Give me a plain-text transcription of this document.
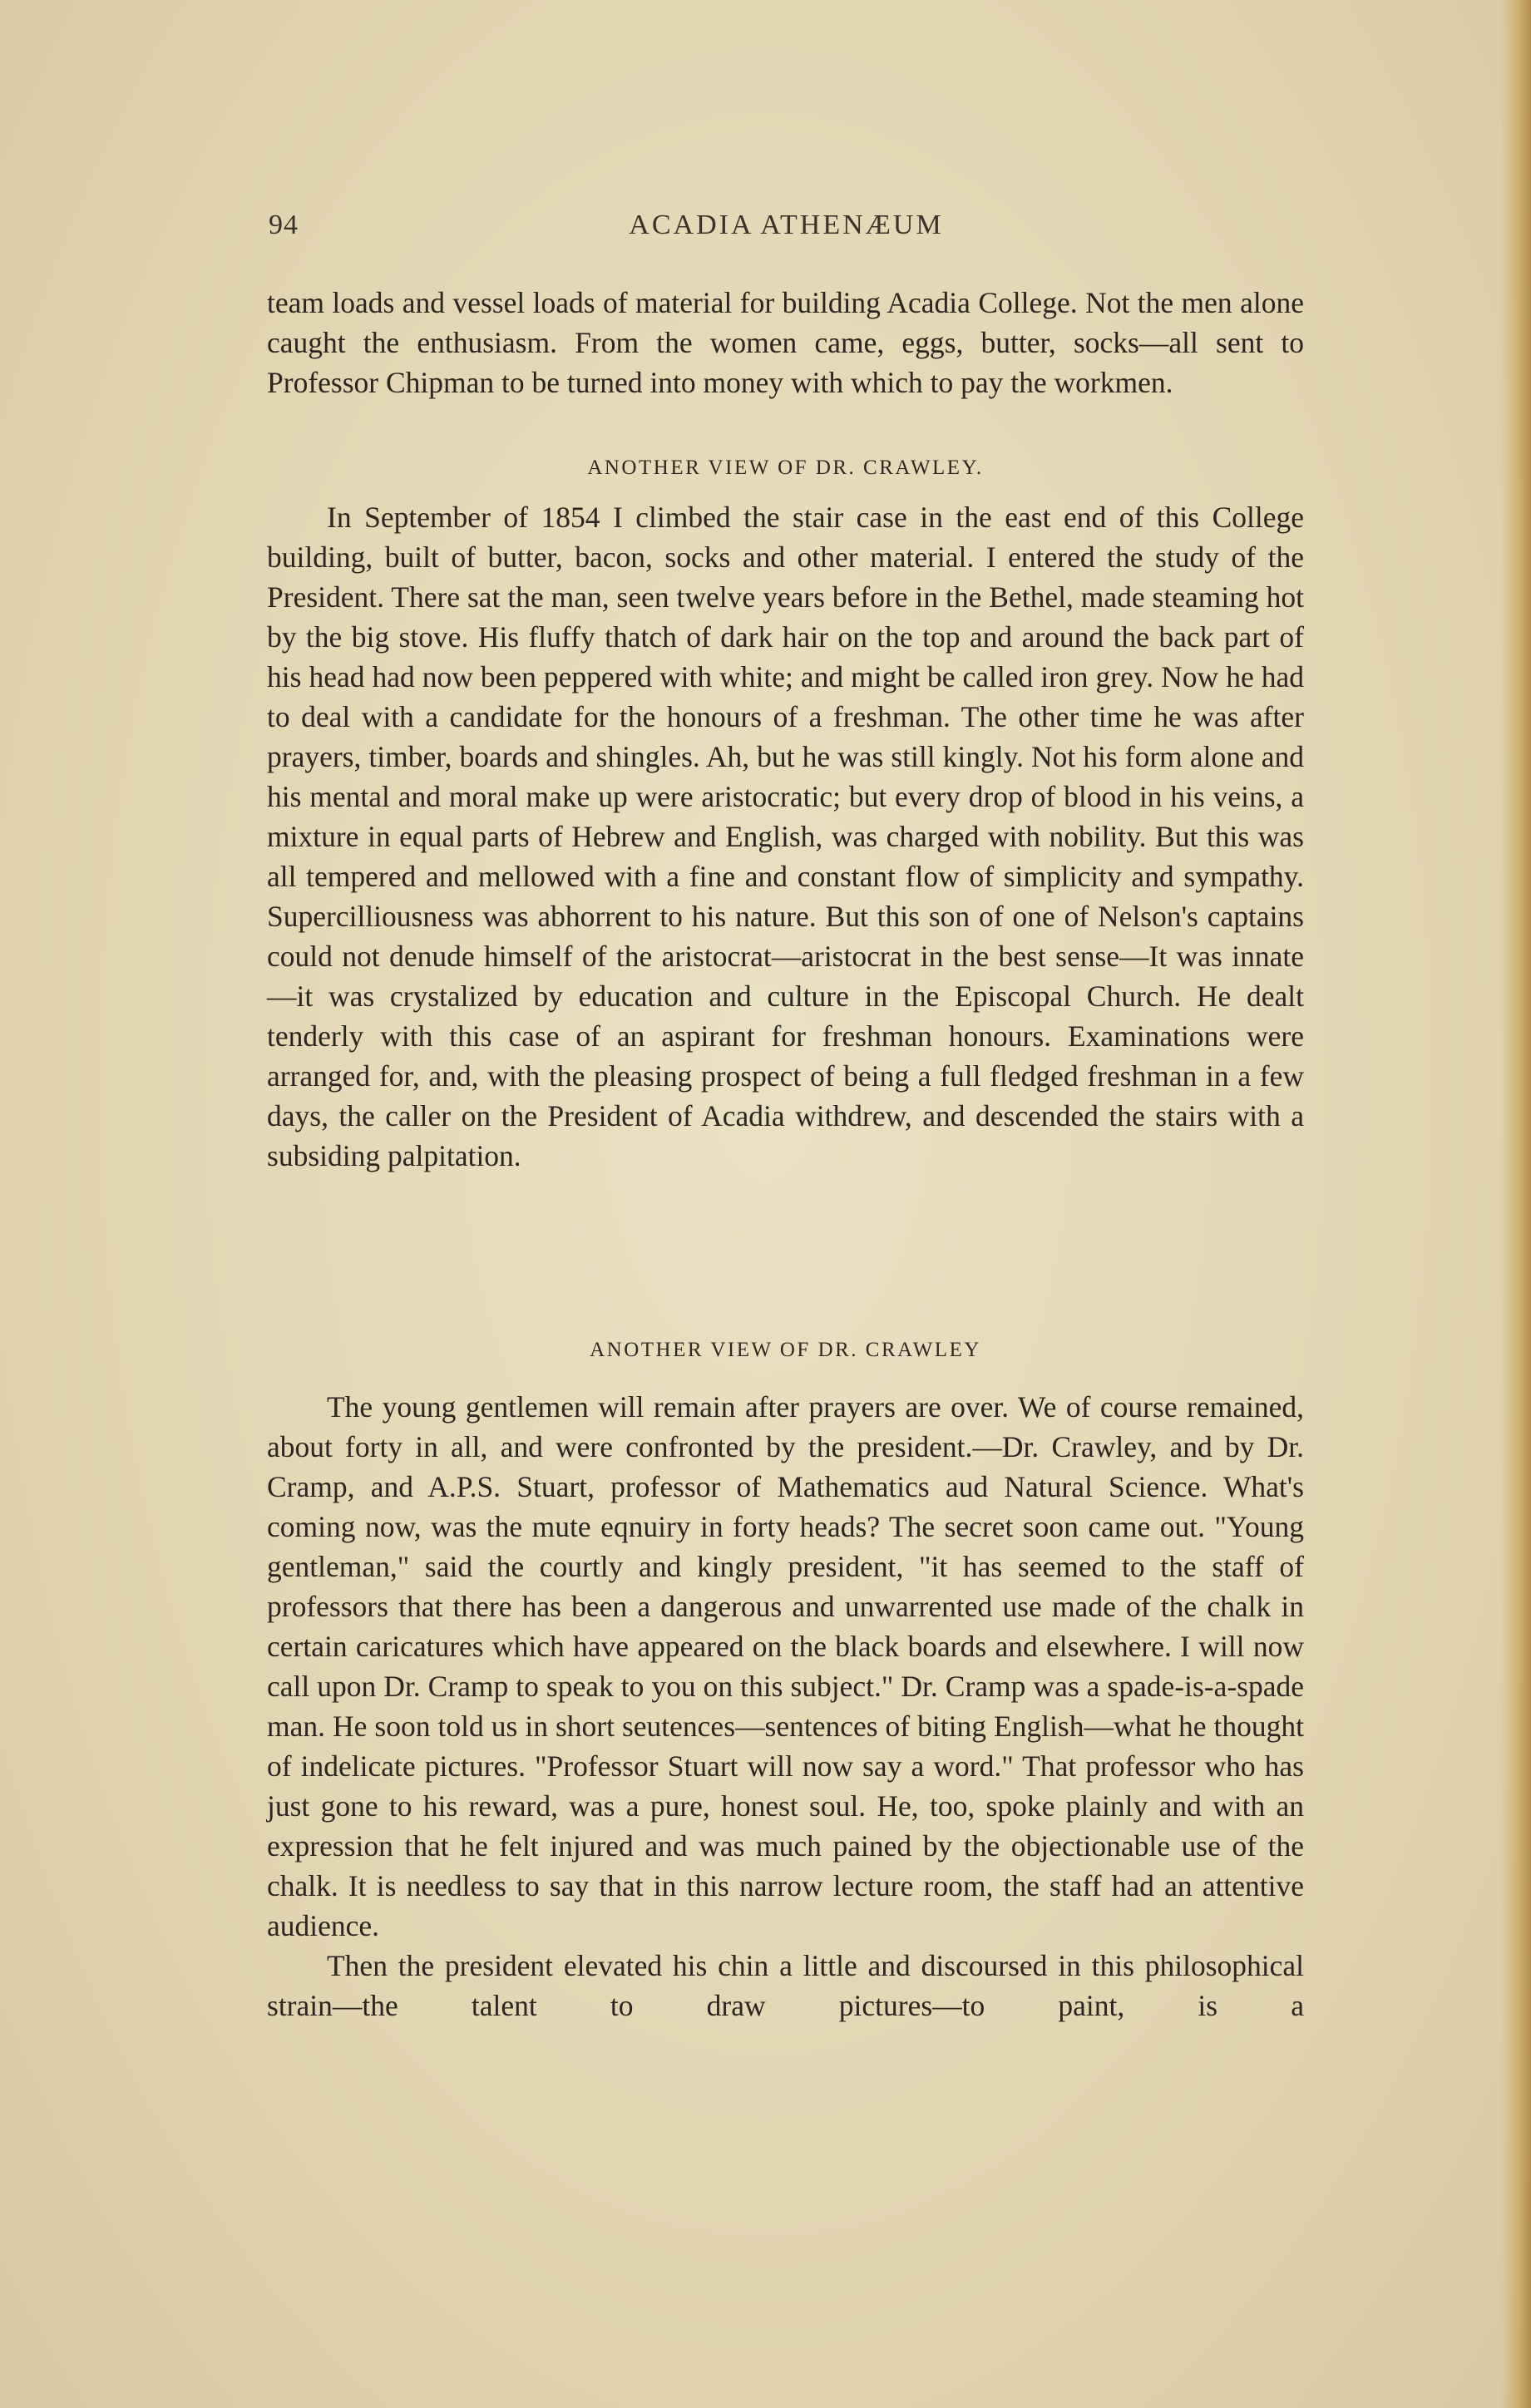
94	ACADIA ATHENÆUM

team loads and vessel loads of material for building Acadia College. Not the men alone caught the enthusiasm. From the women came, eggs, butter, socks—all sent to Professor Chipman to be turned into money with which to pay the workmen.

ANOTHER VIEW OF DR. CRAWLEY.

In September of 1854 I climbed the stair case in the east end of this College building, built of butter, bacon, socks and other material. I entered the study of the President. There sat the man, seen twelve years before in the Bethel, made steaming hot by the big stove. His fluffy thatch of dark hair on the top and around the back part of his head had now been peppered with white; and might be called iron grey. Now he had to deal with a candidate for the honours of a freshman. The other time he was after prayers, timber, boards and shingles. Ah, but he was still kingly. Not his form alone and his mental and moral make up were aristocratic; but every drop of blood in his veins, a mixture in equal parts of Hebrew and English, was charged with nobility. But this was all tempered and mellowed with a fine and constant flow of simplicity and sympathy. Supercilliousness was abhorrent to his nature. But this son of one of Nelson's captains could not denude himself of the aristocrat—aristocrat in the best sense—It was innate—it was crystalized by education and culture in the Episcopal Church. He dealt tenderly with this case of an aspirant for freshman honours. Examinations were arranged for, and, with the pleasing prospect of being a full fledged freshman in a few days, the caller on the President of Acadia withdrew, and descended the stairs with a subsiding palpitation.

ANOTHER VIEW OF DR. CRAWLEY

The young gentlemen will remain after prayers are over. We of course remained, about forty in all, and were confronted by the president.—Dr. Crawley, and by Dr. Cramp, and A.P.S. Stuart, professor of Mathematics aud Natural Science. What's coming now, was the mute eqnuiry in forty heads? The secret soon came out. "Young gentleman," said the courtly and kingly president, "it has seemed to the staff of professors that there has been a dangerous and unwarrented use made of the chalk in certain caricatures which have appeared on the black boards and elsewhere. I will now call upon Dr. Cramp to speak to you on this subject." Dr. Cramp was a spade-is-a-spade man. He soon told us in short seutences—sentences of biting English—what he thought of indelicate pictures. "Professor Stuart will now say a word." That professor who has just gone to his reward, was a pure, honest soul. He, too, spoke plainly and with an expression that he felt injured and was much pained by the objectionable use of the chalk. It is needless to say that in this narrow lecture room, the staff had an attentive audience.

Then the president elevated his chin a little and discoursed in this philosophical strain—the talent to draw pictures—to paint, is a
